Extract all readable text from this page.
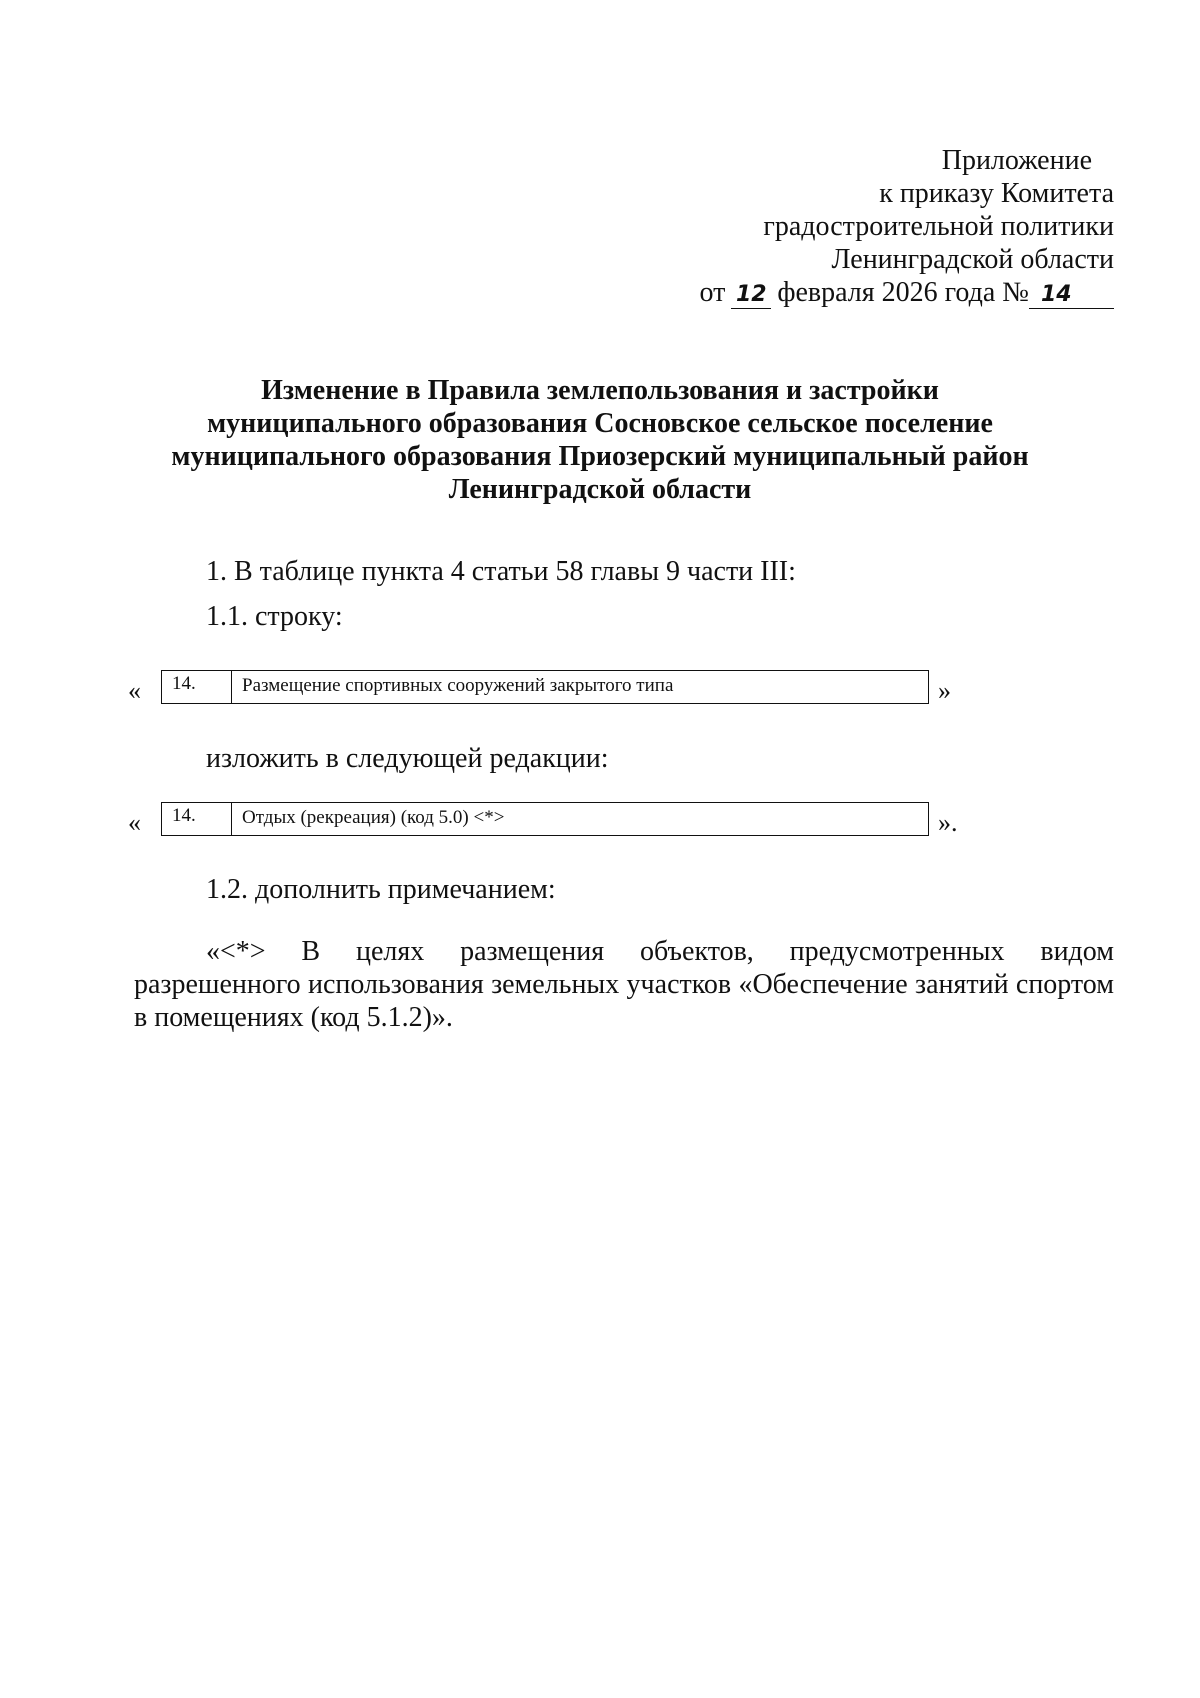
Приложение
к приказу Комитета
градостроительной политики
Ленинградской области
от 12 февраля 2026 года № 14
Изменение в Правила землепользования и застройки
муниципального образования Сосновское сельское поселение
муниципального образования Приозерский муниципальный район
Ленинградской области
1. В таблице пункта 4 статьи 58 главы 9 части III:
1.1. строку:
«	14.	Размещение спортивных сооружений закрытого типа	»
изложить в следующей редакции:
«	14.	Отдых (рекреация) (код 5.0) <*>	».
1.2. дополнить примечанием:
«<*> В целях размещения объектов, предусмотренных видом разрешенного использования земельных участков «Обеспечение занятий спортом в помещениях (код 5.1.2)».
